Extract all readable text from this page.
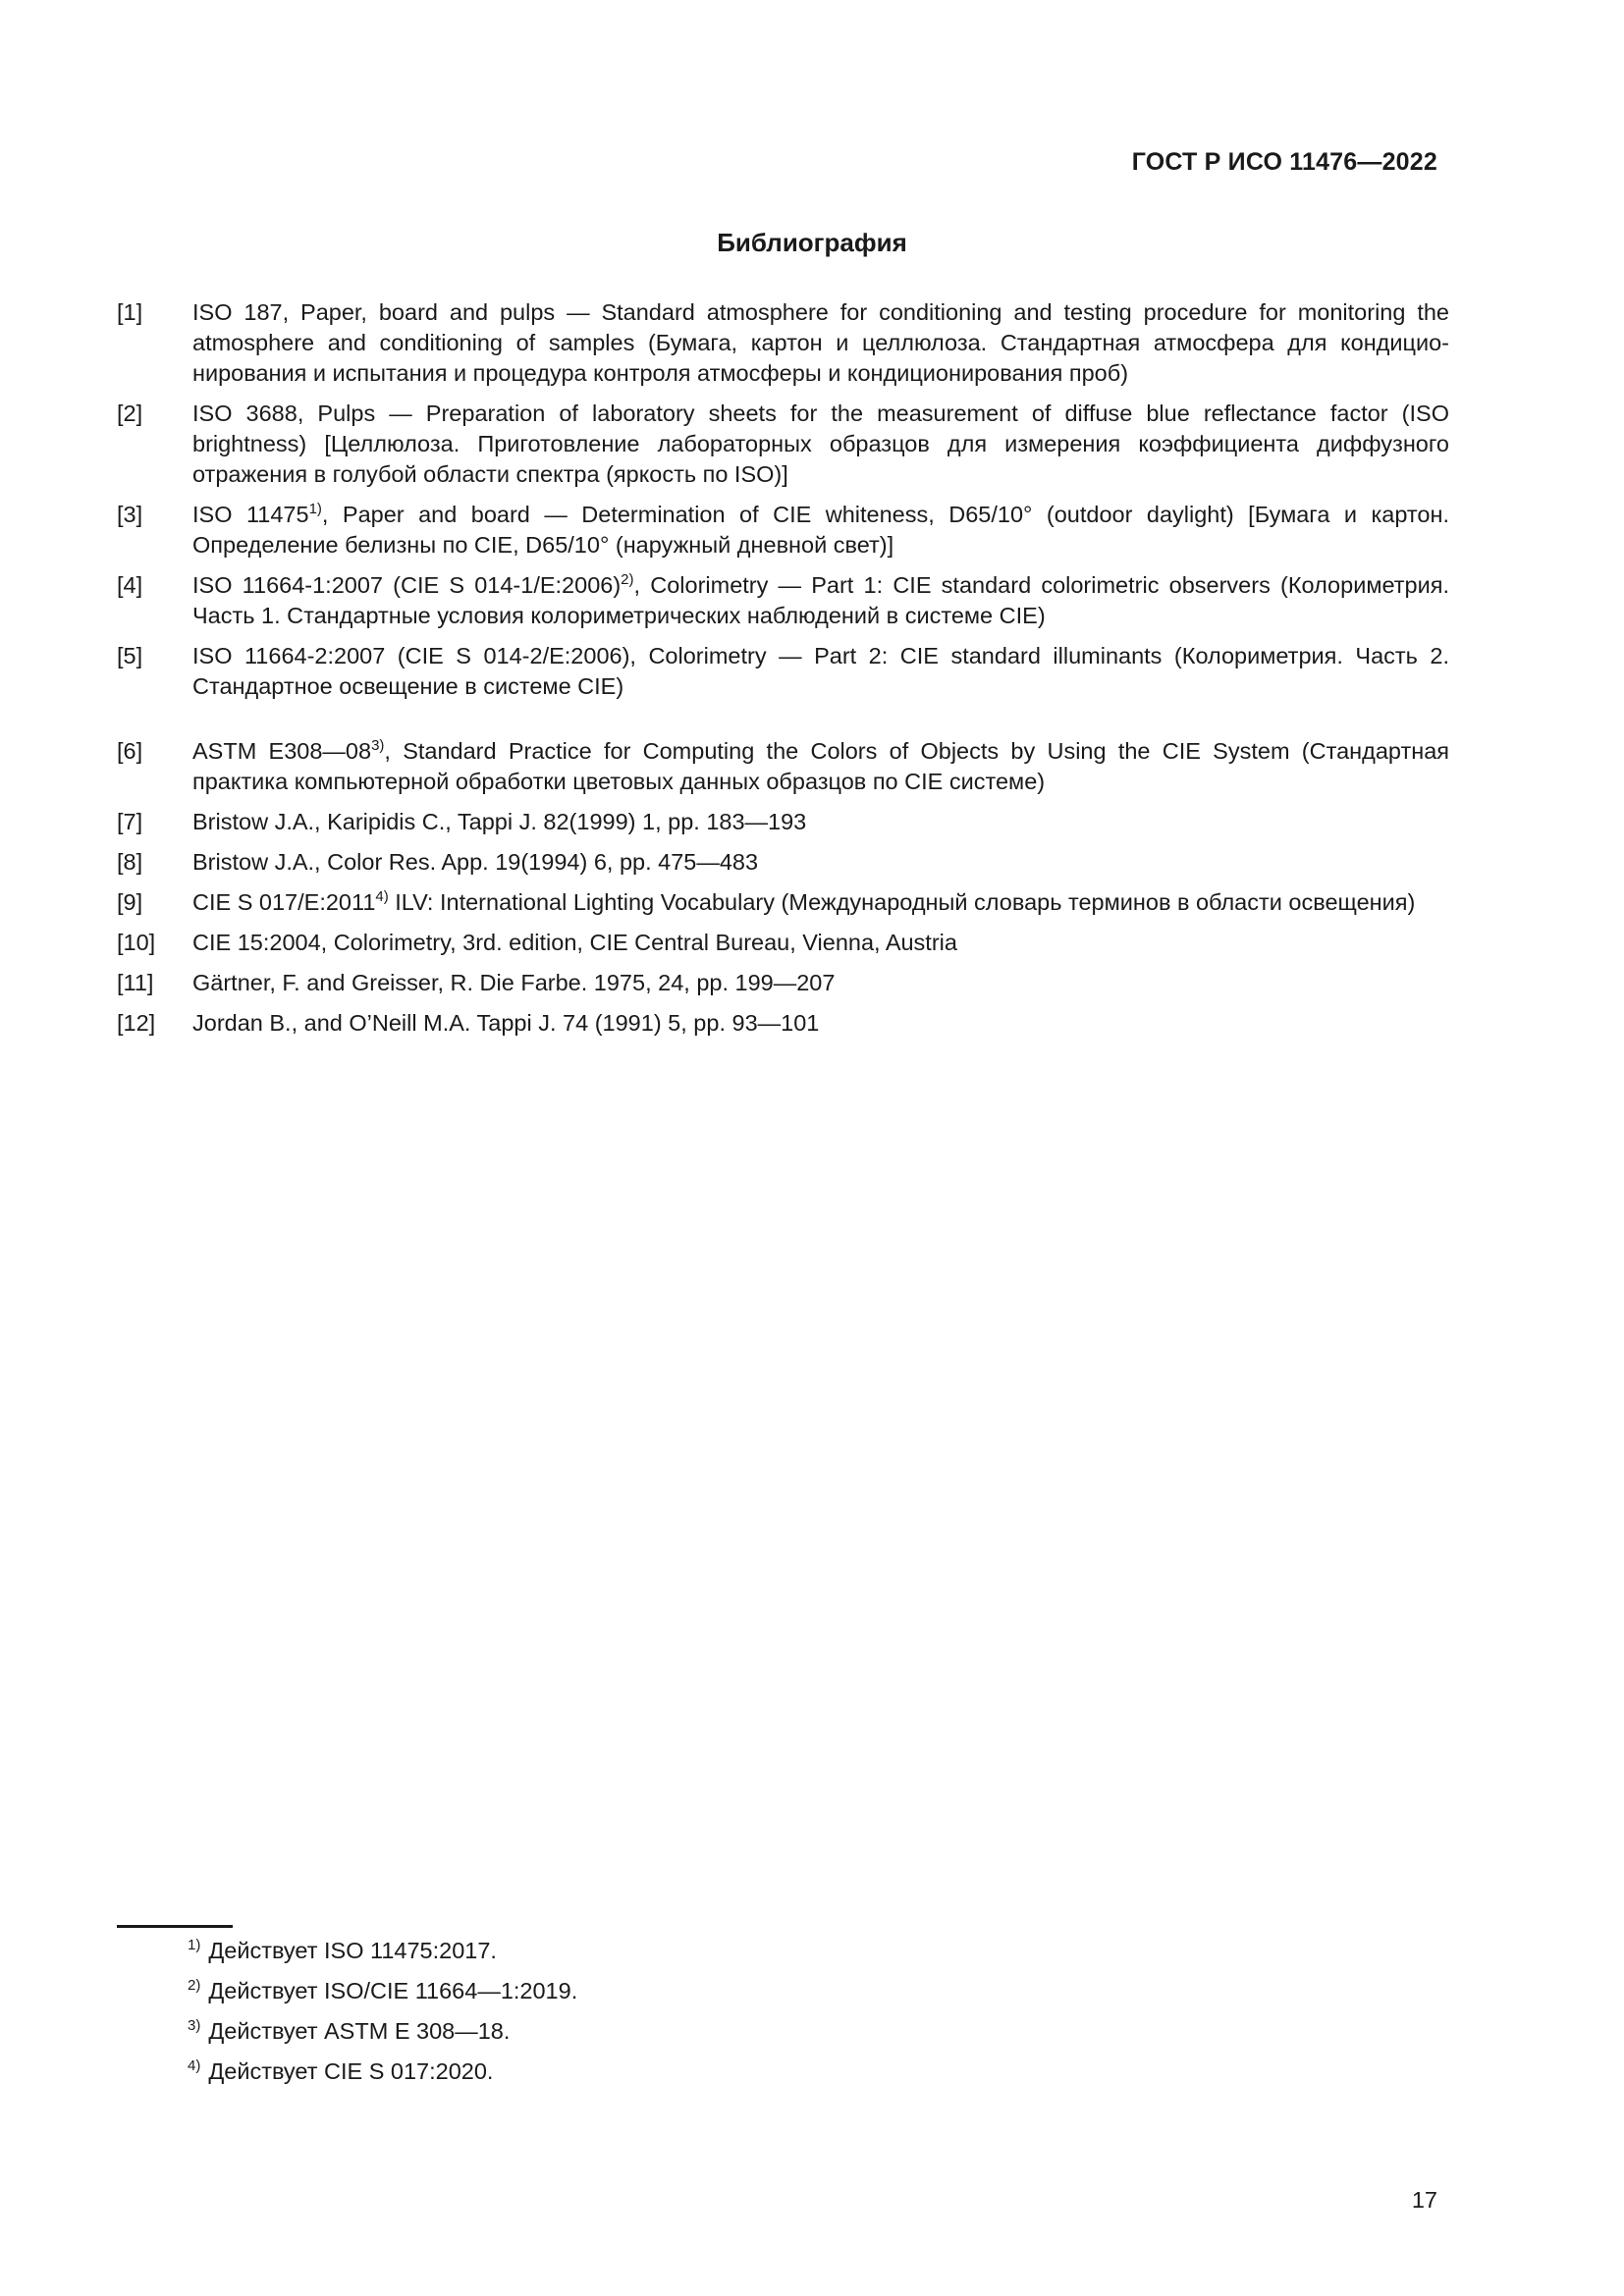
ГОСТ Р ИСО 11476—2022
Библиография
[1]	ISO 187, Paper, board and pulps — Standard atmosphere for conditioning and testing procedure for monitoring the atmosphere and conditioning of samples (Бумага, картон и целлюлоза. Стандартная атмосфера для кондиционирования и испытания и процедура контроля атмосферы и кондиционирования проб)
[2]	ISO 3688, Pulps — Preparation of laboratory sheets for the measurement of diffuse blue reflectance factor (ISO brightness) [Целлюлоза. Приготовление лабораторных образцов для измерения коэффициента диффузного отражения в голубой области спектра (яркость по ISO)]
[3]	ISO 11475$^{1)}$, Paper and board — Determination of CIE whiteness, D65/10° (outdoor daylight) [Бумага и картон. Определение белизны по CIE, D65/10° (наружный дневной свет)]
[4]	ISO 11664-1:2007 (CIE S 014-1/E:2006)$^{2)}$, Colorimetry — Part 1: CIE standard colorimetric observers (Колориметрия. Часть 1. Стандартные условия колориметрических наблюдений в системе CIE)
[5]	ISO 11664-2:2007 (CIE S 014-2/E:2006), Colorimetry — Part 2: CIE standard illuminants (Колориметрия. Часть 2. Стандартное освещение в системе CIE)
[6]	ASTM E308—08$^{3)}$, Standard Practice for Computing the Colors of Objects by Using the CIE System (Стандартная практика компьютерной обработки цветовых данных образцов по CIE системе)
[7]	Bristow J.A., Karipidis C., Tappi J. 82(1999) 1, pp. 183—193
[8]	Bristow J.A., Color Res. App. 19(1994) 6, pp. 475—483
[9]	CIE S 017/E:2011$^{4)}$ ILV: International Lighting Vocabulary (Международный словарь терминов в области освещения)
[10]	CIE 15:2004, Colorimetry, 3rd. edition, CIE Central Bureau, Vienna, Austria
[11]	Gärtner, F. and Greisser, R. Die Farbe. 1975, 24, pp. 199—207
[12]	Jordan B., and O’Neill M.A. Tappi J. 74 (1991) 5, pp. 93—101
$^{1)}$ Действует ISO 11475:2017.
$^{2)}$ Действует ISO/CIE 11664—1:2019.
$^{3)}$ Действует ASTM E 308—18.
$^{4)}$ Действует CIE S 017:2020.
17
